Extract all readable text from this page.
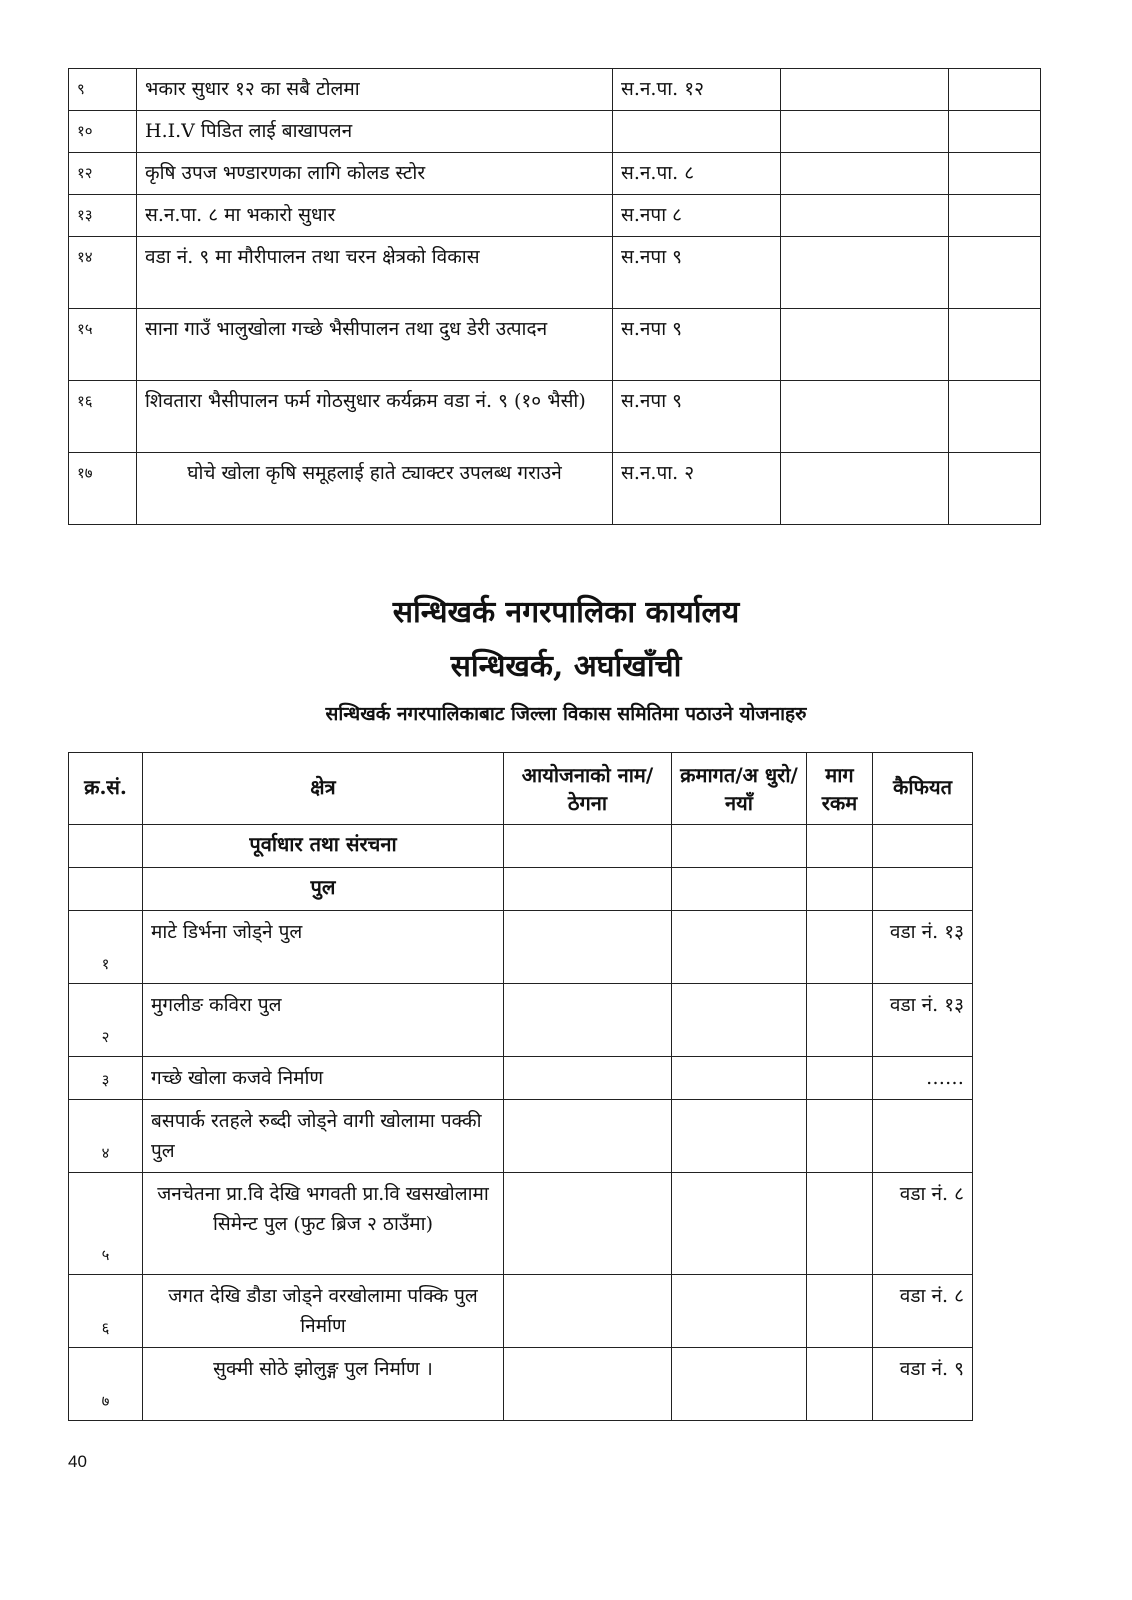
९	भकार सुधार १२ का सबै टोलमा	स.न.पा. १२		
१०	H.I.V पिडित लाई बाखापलन			
१२	कृषि उपज भण्डारणका लागि कोलड स्टोर	स.न.पा. ८		
१३	स.न.पा. ८ मा भकारो सुधार	स.नपा ८		
१४	वडा नं. ९ मा मौरीपालन तथा चरन क्षेत्रको विकास	स.नपा ९		
१५	साना गाउँ भालुखोला गच्छे भैसीपालन तथा दुध डेरी उत्पादन	स.नपा ९		
१६	शिवतारा भैसीपालन फर्म गोठसुधार कर्यक्रम वडा नं. ९ (१० भैसी)	स.नपा ९		
१७	घोचे खोला कृषि समूहलाई हाते ट्याक्टर उपलब्ध गराउने	स.न.पा. २		
सन्धिखर्क नगरपालिका कार्यालय
सन्धिखर्क, अर्घाखाँची
सन्धिखर्क नगरपालिकाबाट जिल्ला विकास समितिमा पठाउने योजनाहरु
क्र.सं.	क्षेत्र	आयोजनाको नाम/ठेगना	क्रमागत/अ धुरो/नयाँ	माग रकम	कैफियत
	पूर्वाधार तथा संरचना				
	पुल				
१	माटे डिर्भना जोड्ने पुल				वडा नं. १३
२	मुगलीङ कविरा पुल				वडा नं. १३
३	गच्छे खोला कजवे निर्माण				……
४	बसपार्क रतहले रुब्दी जोड्ने वागी खोलामा पक्की पुल				
५	जनचेतना प्रा.वि देखि भगवती प्रा.वि खसखोलामा सिमेन्ट पुल (फुट ब्रिज २ ठाउँमा)				वडा नं. ८
६	जगत देखि डौडा जोड्ने वरखोलामा पक्कि पुल निर्माण				वडा नं. ८
७	सुक्मी सोठे झोलुङ्ग पुल निर्माण ।				वडा नं. ९
40
